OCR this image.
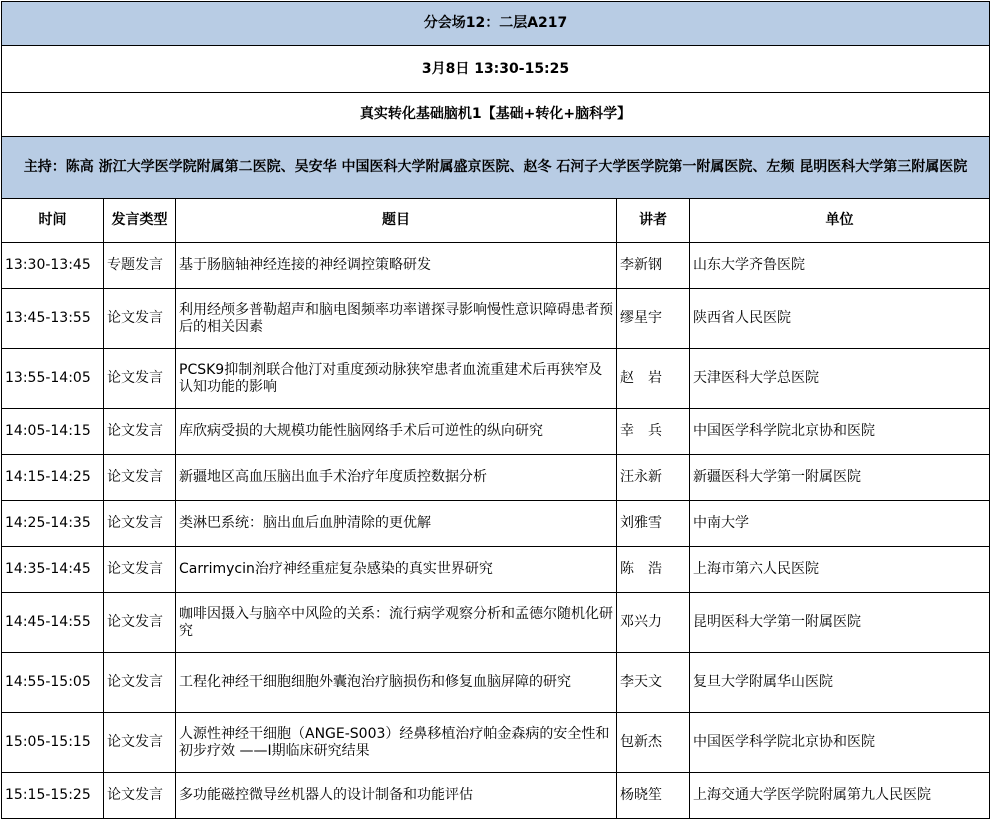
分会场12：二层A217				
3月8日 13:30-15:25				
真实转化基础脑机1【基础+转化+脑科学】				
主持：陈高 浙江大学医学院附属第二医院、吴安华 中国医科大学附属盛京医院、赵冬 石河子大学医学院第一附属医院、左频 昆明医科大学第三附属医院				
时间	发言类型	题目	讲者	单位
13:30-13:45	专题发言	基于肠脑轴神经连接的神经调控策略研发	李新钢	山东大学齐鲁医院
13:45-13:55	论文发言	利用经颅多普勒超声和脑电图频率功率谱探寻影响慢性意识障碍患者预后的相关因素	缪星宇	陕西省人民医院
13:55-14:05	论文发言	PCSK9抑制剂联合他汀对重度颈动脉狭窄患者血流重建术后再狭窄及认知功能的影响	赵　岩	天津医科大学总医院
14:05-14:15	论文发言	库欣病受损的大规模功能性脑网络手术后可逆性的纵向研究	幸　兵	中国医学科学院北京协和医院
14:15-14:25	论文发言	新疆地区高血压脑出血手术治疗年度质控数据分析	汪永新	新疆医科大学第一附属医院
14:25-14:35	论文发言	类淋巴系统：脑出血后血肿清除的更优解	刘雅雪	中南大学
14:35-14:45	论文发言	Carrimycin治疗神经重症复杂感染的真实世界研究	陈　浩	上海市第六人民医院
14:45-14:55	论文发言	咖啡因摄入与脑卒中风险的关系：流行病学观察分析和孟德尔随机化研究	邓兴力	昆明医科大学第一附属医院
14:55-15:05	论文发言	工程化神经干细胞细胞外囊泡治疗脑损伤和修复血脑屏障的研究	李天文	复旦大学附属华山医院
15:05-15:15	论文发言	人源性神经干细胞（ANGE-S003）经鼻移植治疗帕金森病的安全性和初步疗效 ——I期临床研究结果	包新杰	中国医学科学院北京协和医院
15:15-15:25	论文发言	多功能磁控微导丝机器人的设计制备和功能评估	杨晓笙	上海交通大学医学院附属第九人民医院
